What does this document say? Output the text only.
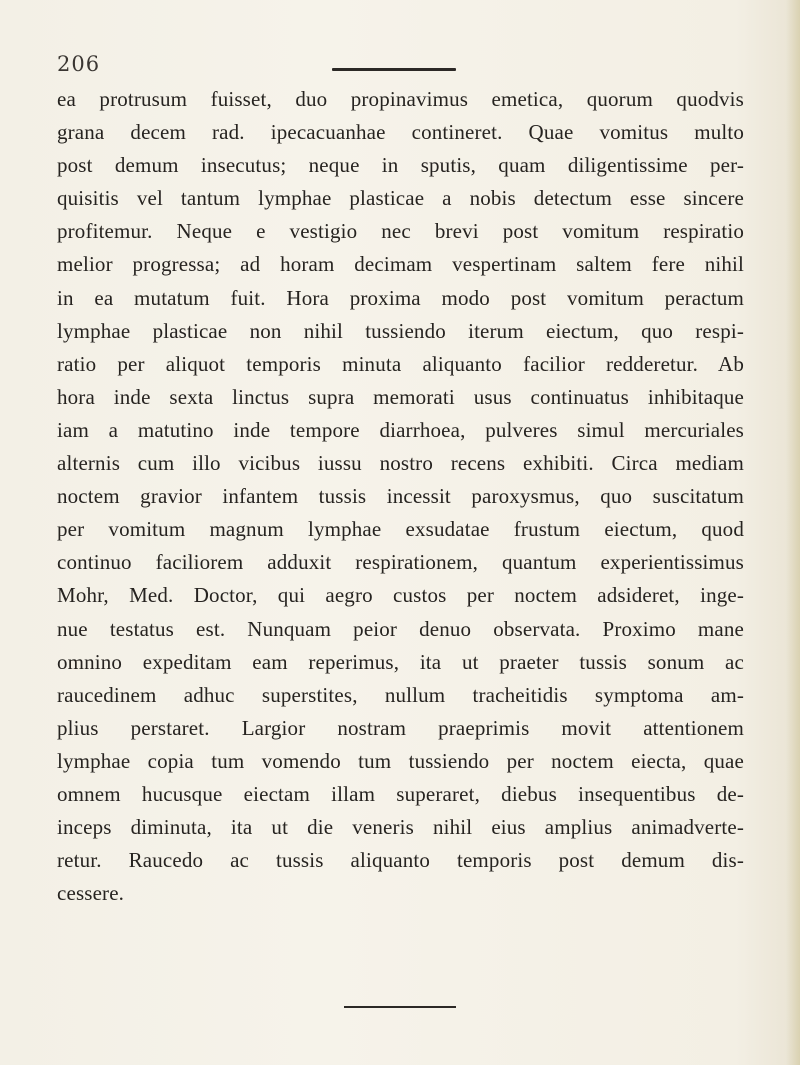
206
ea protrusum fuisset, duo propinavimus emetica, quorum quodvis
grana decem rad. ipecacuanhae contineret. Quae vomitus multo
post demum insecutus; neque in sputis, quam diligentissime per-
quisitis vel tantum lymphae plasticae a nobis detectum esse sincere
profitemur. Neque e vestigio nec brevi post vomitum respiratio
melior progressa; ad horam decimam vespertinam saltem fere nihil
in ea mutatum fuit. Hora proxima modo post vomitum peractum
lymphae plasticae non nihil tussiendo iterum eiectum, quo respi-
ratio per aliquot temporis minuta aliquanto facilior redderetur. Ab
hora inde sexta linctus supra memorati usus continuatus inhibitaque
iam a matutino inde tempore diarrhoea, pulveres simul mercuriales
alternis cum illo vicibus iussu nostro recens exhibiti. Circa mediam
noctem gravior infantem tussis incessit paroxysmus, quo suscitatum
per vomitum magnum lymphae exsudatae frustum eiectum, quod
continuo faciliorem adduxit respirationem, quantum experientissimus
Mohr, Med. Doctor, qui aegro custos per noctem adsideret, inge-
nue testatus est. Nunquam peior denuo observata. Proximo mane
omnino expeditam eam reperimus, ita ut praeter tussis sonum ac
raucedinem adhuc superstites, nullum tracheitidis symptoma am-
plius perstaret. Largior nostram praeprimis movit attentionem
lymphae copia tum vomendo tum tussiendo per noctem eiecta, quae
omnem hucusque eiectam illam superaret, diebus insequentibus de-
inceps diminuta, ita ut die veneris nihil eius amplius animadverte-
retur. Raucedo ac tussis aliquanto temporis post demum dis-
cessere.
